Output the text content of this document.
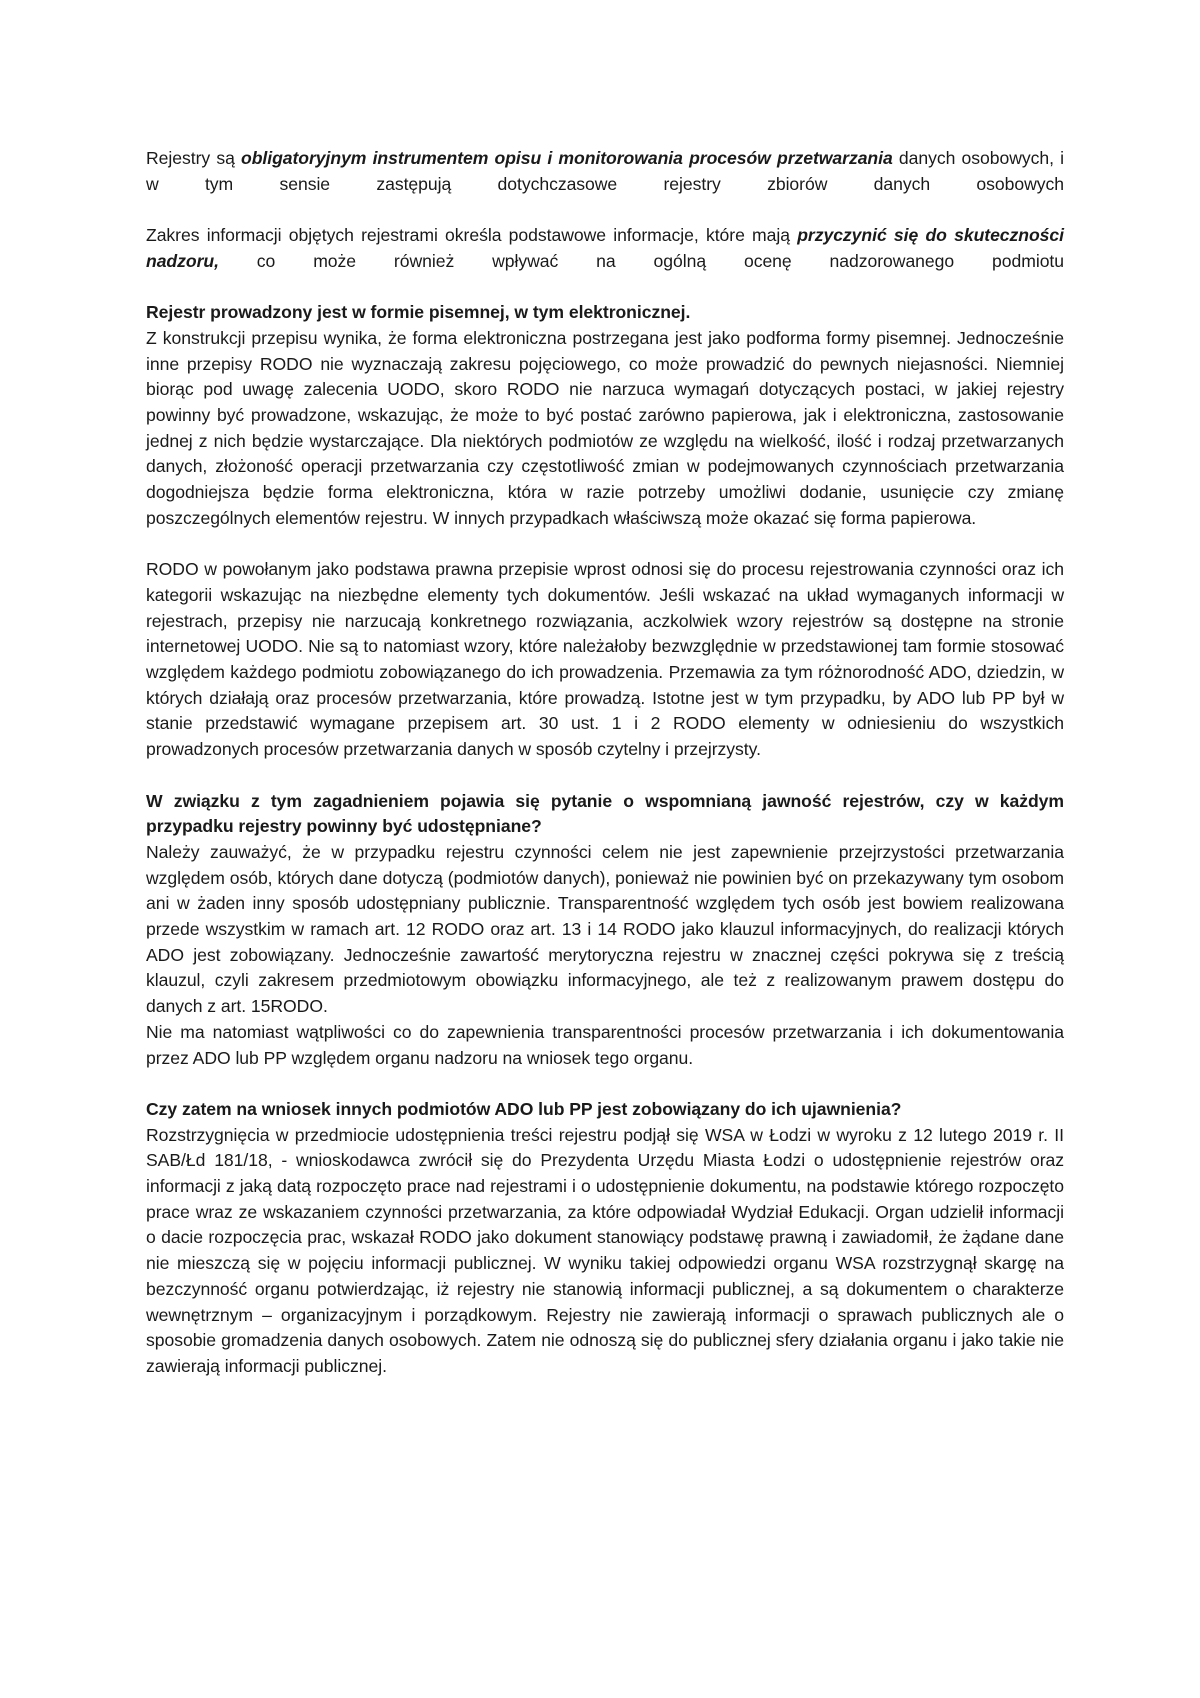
Rejestry są obligatoryjnym instrumentem opisu i monitorowania procesów przetwarzania danych osobowych, i w tym sensie zastępują dotychczasowe rejestry zbiorów danych osobowych

Zakres informacji objętych rejestrami określa podstawowe informacje, które mają przyczynić się do skuteczności nadzoru, co może również wpływać na ogólną ocenę nadzorowanego podmiotu

Rejestr prowadzony jest w formie pisemnej, w tym elektronicznej.

Z konstrukcji przepisu wynika, że forma elektroniczna postrzegana jest jako podforma formy pisemnej. Jednocześnie inne przepisy RODO nie wyznaczają zakresu pojęciowego, co może prowadzić do pewnych niejasności. Niemniej biorąc pod uwagę zalecenia UODO, skoro RODO nie narzuca wymagań dotyczących postaci, w jakiej rejestry powinny być prowadzone, wskazując, że może to być postać zarówno papierowa, jak i elektroniczna, zastosowanie jednej z nich będzie wystarczające. Dla niektórych podmiotów ze względu na wielkość, ilość i rodzaj przetwarzanych danych, złożoność operacji przetwarzania czy częstotliwość zmian w podejmowanych czynnościach przetwarzania dogodniejsza będzie forma elektroniczna, która w razie potrzeby umożliwi dodanie, usunięcie czy zmianę poszczególnych elementów rejestru. W innych przypadkach właściwszą może okazać się forma papierowa.

RODO w powołanym jako podstawa prawna przepisie wprost odnosi się do procesu rejestrowania czynności oraz ich kategorii wskazując na niezbędne elementy tych dokumentów. Jeśli wskazać na układ wymaganych informacji w rejestrach, przepisy nie narzucają konkretnego rozwiązania, aczkolwiek wzory rejestrów są dostępne na stronie internetowej UODO. Nie są to natomiast wzory, które należałoby bezwzględnie w przedstawionej tam formie stosować względem każdego podmiotu zobowiązanego do ich prowadzenia. Przemawia za tym różnorodność ADO, dziedzin, w których działają oraz procesów przetwarzania, które prowadzą. Istotne jest w tym przypadku, by ADO lub PP był w stanie przedstawić wymagane przepisem art. 30 ust. 1 i 2 RODO elementy w odniesieniu do wszystkich prowadzonych procesów przetwarzania danych w sposób czytelny i przejrzysty.

W związku z tym zagadnieniem pojawia się pytanie o wspomnianą jawność rejestrów, czy w każdym przypadku rejestry powinny być udostępniane?

Należy zauważyć, że w przypadku rejestru czynności celem nie jest zapewnienie przejrzystości przetwarzania względem osób, których dane dotyczą (podmiotów danych), ponieważ nie powinien być on przekazywany tym osobom ani w żaden inny sposób udostępniany publicznie. Transparentność względem tych osób jest bowiem realizowana przede wszystkim w ramach art. 12 RODO oraz art. 13 i 14 RODO jako klauzul informacyjnych, do realizacji których ADO jest zobowiązany. Jednocześnie zawartość merytoryczna rejestru w znacznej części pokrywa się z treścią klauzul, czyli zakresem przedmiotowym obowiązku informacyjnego, ale też z realizowanym prawem dostępu do danych z art. 15RODO.

Nie ma natomiast wątpliwości co do zapewnienia transparentności procesów przetwarzania i ich dokumentowania przez ADO lub PP względem organu nadzoru na wniosek tego organu.

Czy zatem na wniosek innych podmiotów ADO lub PP jest zobowiązany do ich ujawnienia?

Rozstrzygnięcia w przedmiocie udostępnienia treści rejestru podjął się WSA w Łodzi w wyroku z 12 lutego 2019 r. II SAB/Łd 181/18, - wnioskodawca zwrócił się do Prezydenta Urzędu Miasta Łodzi o udostępnienie rejestrów oraz informacji z jaką datą rozpoczęto prace nad rejestrami i o udostępnienie dokumentu, na podstawie którego rozpoczęto prace wraz ze wskazaniem czynności przetwarzania, za które odpowiadał Wydział Edukacji. Organ udzielił informacji o dacie rozpoczęcia prac, wskazał RODO jako dokument stanowiący podstawę prawną i zawiadomił, że żądane dane nie mieszczą się w pojęciu informacji publicznej. W wyniku takiej odpowiedzi organu WSA rozstrzygnął skargę na bezczynność organu potwierdzając, iż rejestry nie stanowią informacji publicznej, a są dokumentem o charakterze wewnętrznym – organizacyjnym i porządkowym. Rejestry nie zawierają informacji o sprawach publicznych ale o sposobie gromadzenia danych osobowych. Zatem nie odnoszą się do publicznej sfery działania organu i jako takie nie zawierają informacji publicznej.
